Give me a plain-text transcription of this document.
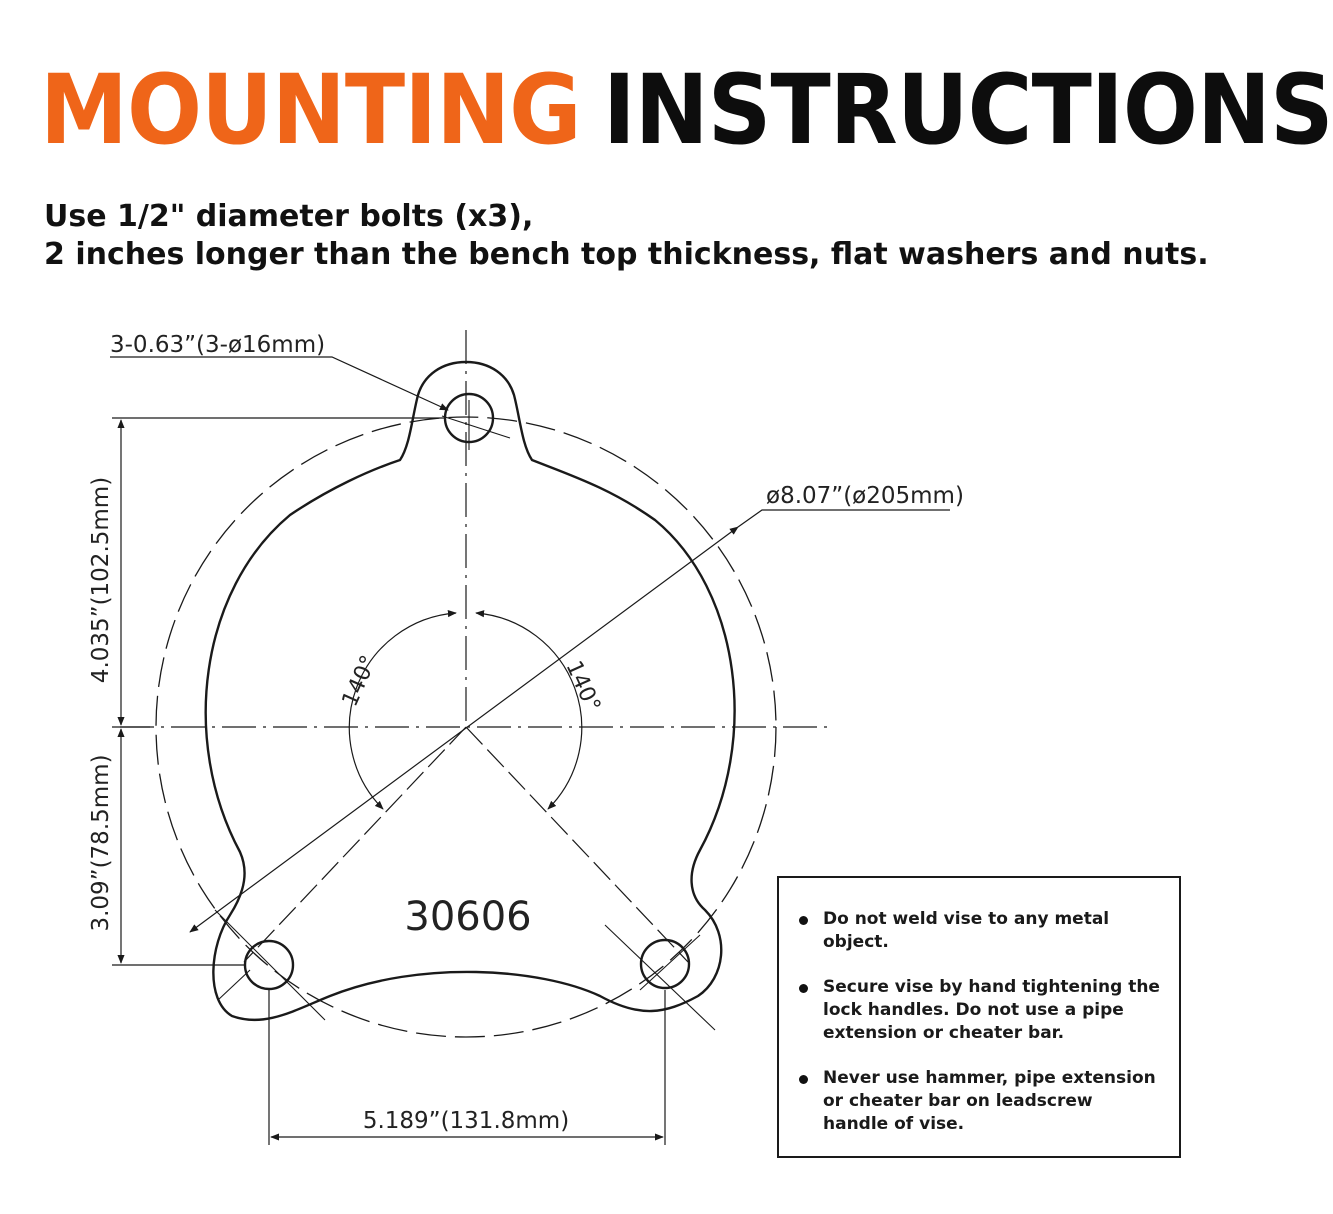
MOUNTING INSTRUCTIONS

Use 1/2" diameter bolts (x3),
2 inches longer than the bench top thickness, flat washers and nuts.

3-0.63”(3-ø16mm)
ø8.07”(ø205mm)
140°	140°
4.035”(102.5mm)
3.09”(78.5mm)
5.189”(131.8mm)
30606	Do not weld vise to any metal object.
Secure vise by hand tightening the lock handles. Do not use a pipe extension or cheater bar.
Never use hammer, pipe extension or cheater bar on leadscrew handle of vise.
